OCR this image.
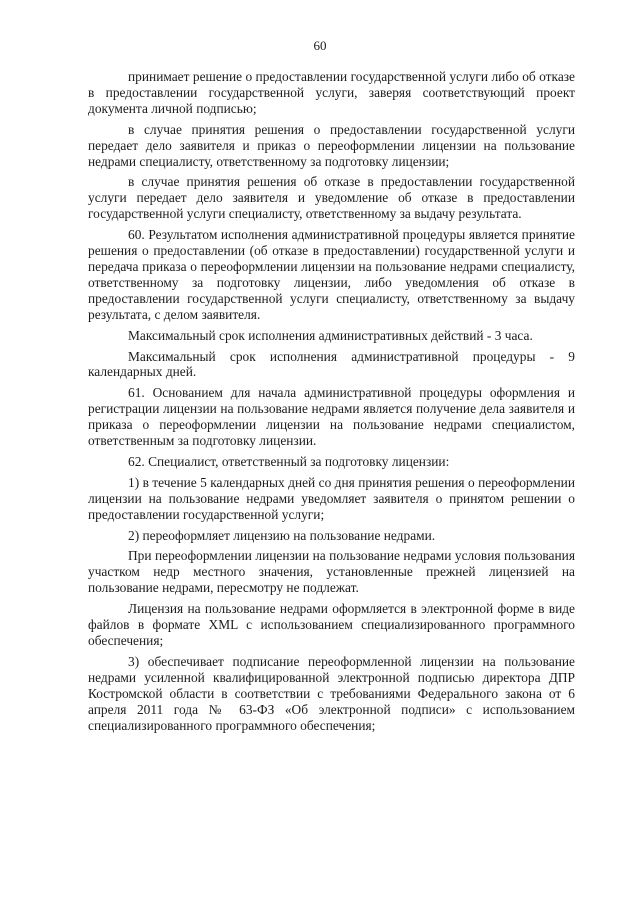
60

принимает решение о предоставлении государственной услуги либо об отказе в предоставлении государственной услуги, заверяя соответствующий проект документа личной подписью;

в случае принятия решения о предоставлении государственной услуги передает дело заявителя и приказ о переоформлении лицензии на пользование недрами специалисту, ответственному за подготовку лицензии;

в случае принятия решения об отказе в предоставлении государственной услуги передает дело заявителя и уведомление об отказе в предоставлении государственной услуги специалисту, ответственному за выдачу результата.

60. Результатом исполнения административной процедуры является принятие решения о предоставлении (об отказе в предоставлении) государственной услуги и передача приказа о переоформлении лицензии на пользование недрами специалисту, ответственному за подготовку лицензии, либо уведомления об отказе в предоставлении государственной услуги специалисту, ответственному за выдачу результата, с делом заявителя.

Максимальный срок исполнения административных действий - 3 часа.

Максимальный срок исполнения административной процедуры - 9 календарных дней.

61. Основанием для начала административной процедуры оформления и регистрации лицензии на пользование недрами является получение дела заявителя и приказа о переоформлении лицензии на пользование недрами специалистом, ответственным за подготовку лицензии.

62. Специалист, ответственный за подготовку лицензии:

1) в течение 5 календарных дней со дня принятия решения о переоформлении лицензии на пользование недрами уведомляет заявителя о принятом решении о предоставлении государственной услуги;

2) переоформляет лицензию на пользование недрами.

При переоформлении лицензии на пользование недрами условия пользования участком недр местного значения, установленные прежней лицензией на пользование недрами, пересмотру не подлежат.

Лицензия на пользование недрами оформляется в электронной форме в виде файлов в формате XML с использованием специализированного программного обеспечения;

3) обеспечивает подписание переоформленной лицензии на пользование недрами усиленной квалифицированной электронной подписью директора ДПР Костромской области в соответствии с требованиями Федерального закона от 6 апреля 2011 года № 63-ФЗ «Об электронной подписи» с использованием специализированного программного обеспечения;
